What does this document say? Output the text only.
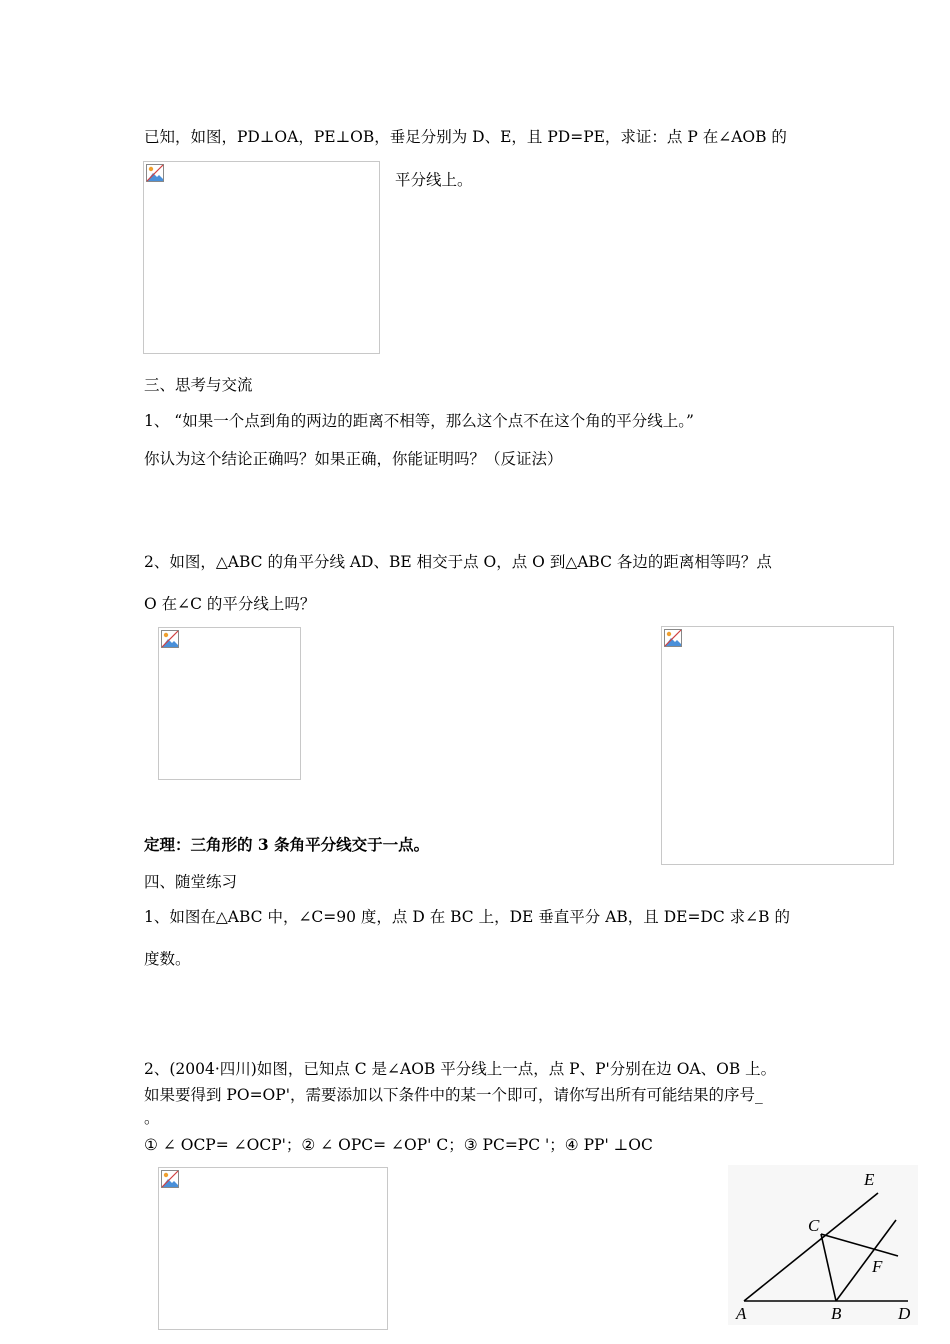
已知，如图，PD⊥OA，PE⊥OB，垂足分别为 D、E，且 PD=PE，求证：点 P 在∠AOB 的
平分线上。
三、思考与交流
1、 “如果一个点到角的两边的距离不相等，那么这个点不在这个角的平分线上。”
你认为这个结论正确吗？如果正确，你能证明吗？（反证法）
2、如图，△ABC 的角平分线 AD、BE 相交于点 O，点 O 到△ABC 各边的距离相等吗？点
O 在∠C 的平分线上吗？
定理：三角形的 3 条角平分线交于一点。
四、随堂练习
1、如图在△ABC 中，∠C=90 度，点 D 在 BC 上，DE 垂直平分 AB，且 DE=DC 求∠B 的
度数。
2、(2004·四川)如图，已知点 C 是∠AOB 平分线上一点，点 P、P'分别在边 OA、OB 上。
如果要得到 PO=OP'，需要添加以下条件中的某一个即可，请你写出所有可能结果的序号_
。
① ∠ OCP= ∠OCP'；② ∠ OPC= ∠OP' C；③ PC=PC '；④ PP' ⊥OC
A	B
C
D
E
F
